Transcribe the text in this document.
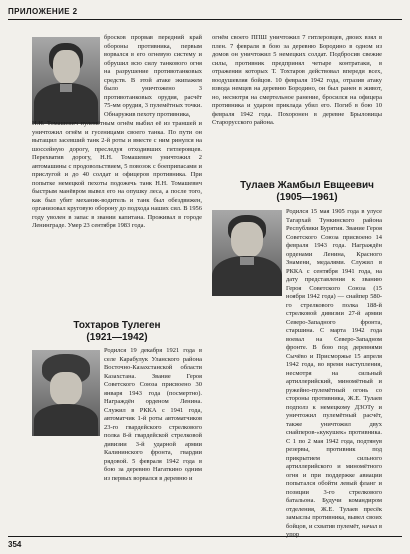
ПРИЛОЖЕНИЕ 2

бросков прорвав передний край обороны противника, первым ворвался в его огневую систему и обрушил всю силу танкового огня на разрушение противотанковых средств. В этой атаке экипажем было уничтожено 3 противотанковых орудия, расчёт 75-мм орудия, 3 пулемётных точки. Обнаружив пехоту противника,

Н.Н. Томашевич пулемётным огнём выбил её из траншей и уничтожил огнём и гусеницами своего танка. По пути он вытащил засевший танк 2-й роты и вместе с ним ринулся на шоссейную дорогу, преследуя отходивших гитлеровцев. Перехватив дорогу, Н.Н. Томашевич уничтожил 2 автомашины с продовольствием, 5 повозок с боеприпасами и прислугой и до 40 солдат и офицеров противника. При попытке немецкой пехоты подожечь танк Н.Н. Томашевич быстрым манёвром вывел его на опушку леса, а после того, как был убит механик-водитель и танк был обездвижен, организовал круговую оборону до подхода наших сил. В 1956 году уволен в запас в звании капитана. Проживал в городе Ленинграде. Умер 23 сентября 1983 года.

огнём своего ППШ уничтожил 7 гитлеровцев, двоих взял в плен. 7 февраля в бою за деревню Бородино в одном из домов он уничтожил 5 немецких солдат. Подбросив свежие силы, противник предпринял четыре контратаки, в отражении которых Т. Тохтаров действовал впереди всех, воодушевляя бойцов. 10 февраля 1942 года, отразив атаку взвода немцев на деревню Бородино, он был ранен в живот, но, несмотря на смертельное ранение, бросился на офицера противника и ударом приклада убил его. Погиб в бою 10 февраля 1942 года. Похоронен в деревне Брыловицы Старорусского района.

Тулаев Жамбыл Евщеевич
(1905—1961)

Родился 15 мая 1905 года в улусе Тагархай Тункинского района Республики Бурятия. Звание Героя Советского Союза присвоено 14 февраля 1943 года. Награждён орденами Ленина, Красного Знамени, медалями. Служил в РККА с сентября 1941 года, на дату представления к званию Героя Советского Союза (15 ноября 1942 года) — снайпер 580-го стрелкового полка 188-й стрелковой дивизии 27-й армии Северо-Западного фронта, старшина. С марта 1942 года воевал на Северо-Западном фронте. В бою под деревнями Сычёво и Присморжье 15 апреля 1942 года, во время наступления, несмотря на сильный артиллерийский, миномётный и ружейно-пулемётный огонь со стороны противника, Ж.Е. Тулаев подполз к немецкому ДЗОТу и уничтожил пулемётный расчёт, также уничтожил двух снайперов-«кукушек» противника. С 1 по 2 мая 1942 года, подтянув резервы, противник под прикрытием сильного артиллерийского и миномётного огня и при поддержке авиации попытался обойти левый фланг и позиции 3-го стрелкового батальона. Будучи командиром отделения, Ж.Е. Тулаев пресёк замыслы противника, вывел своих бойцов, и схватив пулемёт, начал в упор

Тохтаров Тулеген
(1921—1942)

Родился 19 декабря 1921 года в селе Карабулук Уланского района Восточно-Казахстанской области Казахстана. Звание Героя Советского Союза присвоено 30 января 1943 года (посмертно). Награждён орденом Ленина. Служил в РККА с 1941 года, автоматчик 1-й роты автоматчиков 23-го гвардейского стрелкового полка 8-й гвардейской стрелковой дивизии 3-й ударной армии Калининского фронта, гвардии рядовой. 5 февраля 1942 года в бою за деревню Нагаткино одним из первых ворвался в деревню и

354
